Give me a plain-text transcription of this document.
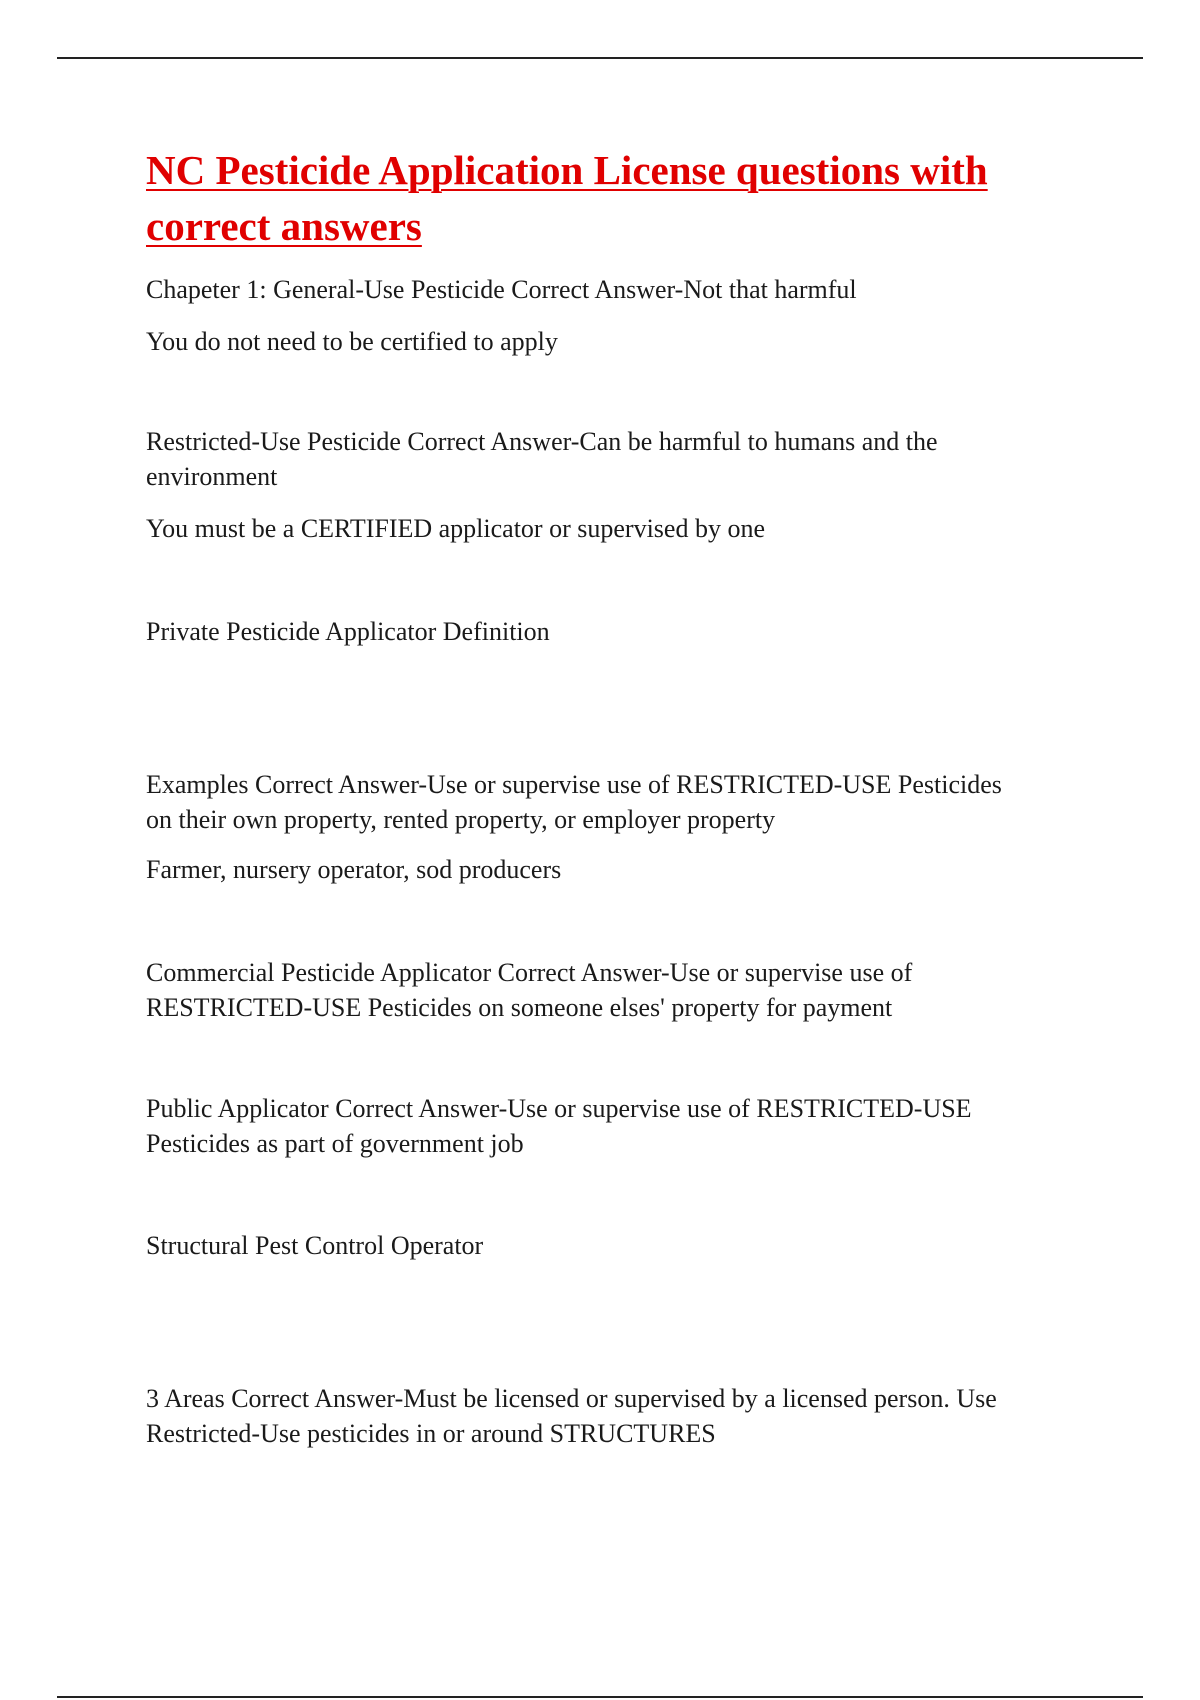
NC Pesticide Application License questions with correct answers

Chapeter 1: General-Use Pesticide Correct Answer-Not that harmful

You do not need to be certified to apply

Restricted-Use Pesticide Correct Answer-Can be harmful to humans and the
environment

You must be a CERTIFIED applicator or supervised by one

Private Pesticide Applicator Definition

Examples Correct Answer-Use or supervise use of RESTRICTED-USE Pesticides
on their own property, rented property, or employer property

Farmer, nursery operator, sod producers

Commercial Pesticide Applicator Correct Answer-Use or supervise use of
RESTRICTED-USE Pesticides on someone elses' property for payment

Public Applicator Correct Answer-Use or supervise use of RESTRICTED-USE
Pesticides as part of government job

Structural Pest Control Operator

3 Areas Correct Answer-Must be licensed or supervised by a licensed person. Use
Restricted-Use pesticides in or around STRUCTURES
